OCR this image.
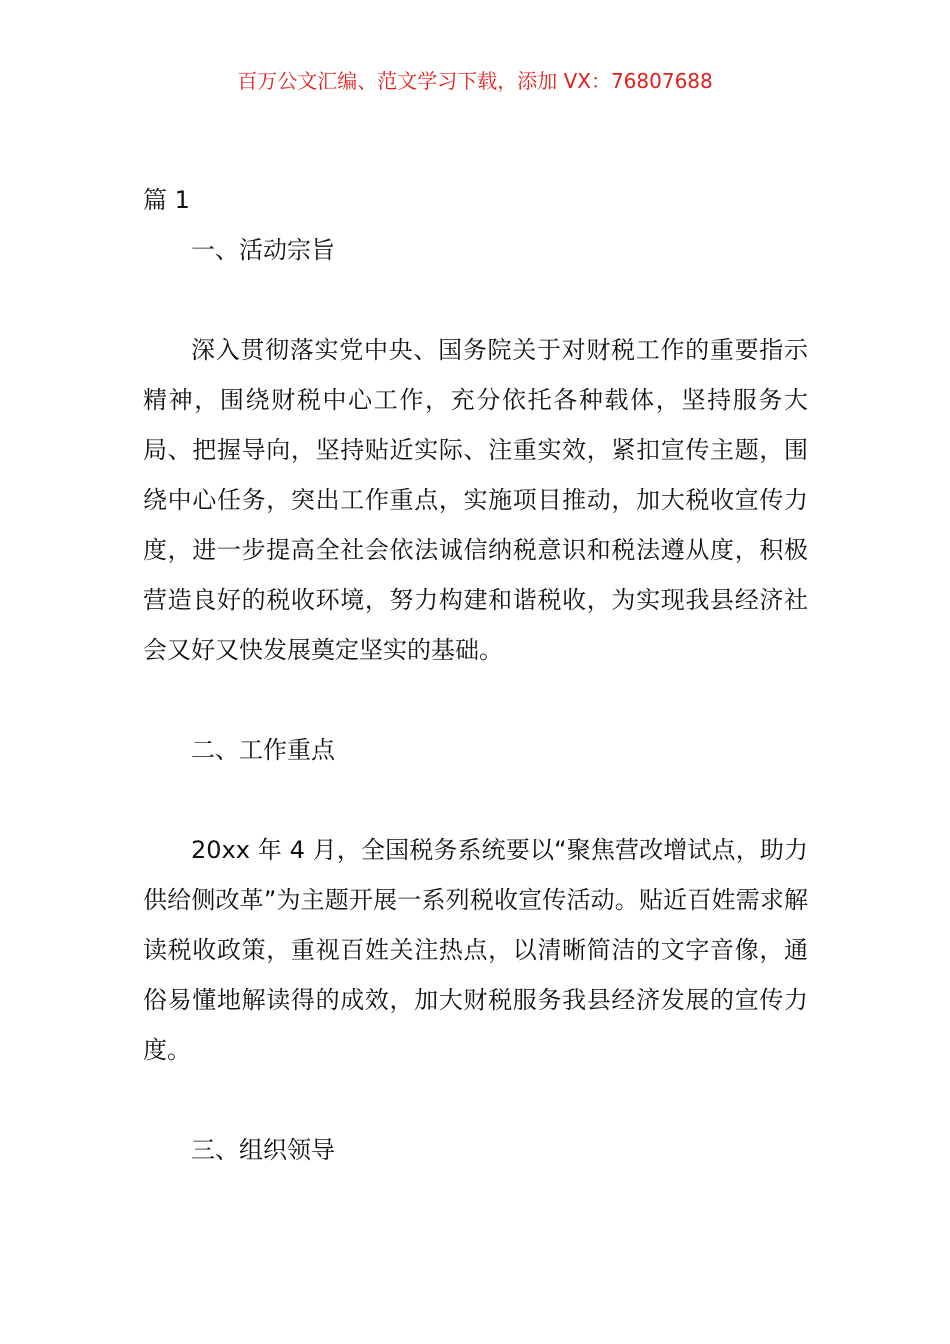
百万公文汇编、范文学习下载，添加 VX：76807688

篇 1

一、活动宗旨

深入贯彻落实党中央、国务院关于对财税工作的重要指示精神，围绕财税中心工作，充分依托各种载体，坚持服务大局、把握导向，坚持贴近实际、注重实效，紧扣宣传主题，围绕中心任务，突出工作重点，实施项目推动，加大税收宣传力度，进一步提高全社会依法诚信纳税意识和税法遵从度，积极营造良好的税收环境，努力构建和谐税收，为实现我县经济社会又好又快发展奠定坚实的基础。

二、工作重点

20xx 年 4 月，全国税务系统要以“聚焦营改增试点，助力供给侧改革”为主题开展一系列税收宣传活动。贴近百姓需求解读税收政策，重视百姓关注热点，以清晰简洁的文字音像，通俗易懂地解读得的成效，加大财税服务我县经济发展的宣传力度。

三、组织领导
